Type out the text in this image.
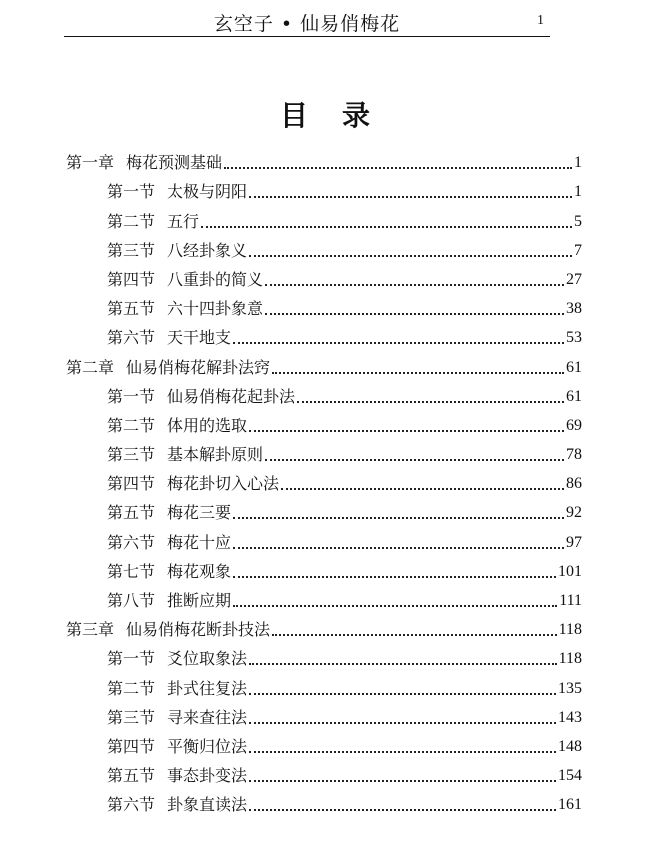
玄空子 • 仙易俏梅花	1
目录
第一章 梅花预测基础	1
第一节 太极与阴阳	1
第二节 五行	5
第三节 八经卦象义	7
第四节 八重卦的简义	27
第五节 六十四卦象意	38
第六节 天干地支	53
第二章 仙易俏梅花解卦法窍	61
第一节 仙易俏梅花起卦法	61
第二节 体用的选取	69
第三节 基本解卦原则	78
第四节 梅花卦切入心法	86
第五节 梅花三要	92
第六节 梅花十应	97
第七节 梅花观象	101
第八节 推断应期	111
第三章 仙易俏梅花断卦技法	118
第一节 爻位取象法	118
第二节 卦式往复法	135
第三节 寻来查往法	143
第四节 平衡归位法	148
第五节 事态卦变法	154
第六节 卦象直读法	161
